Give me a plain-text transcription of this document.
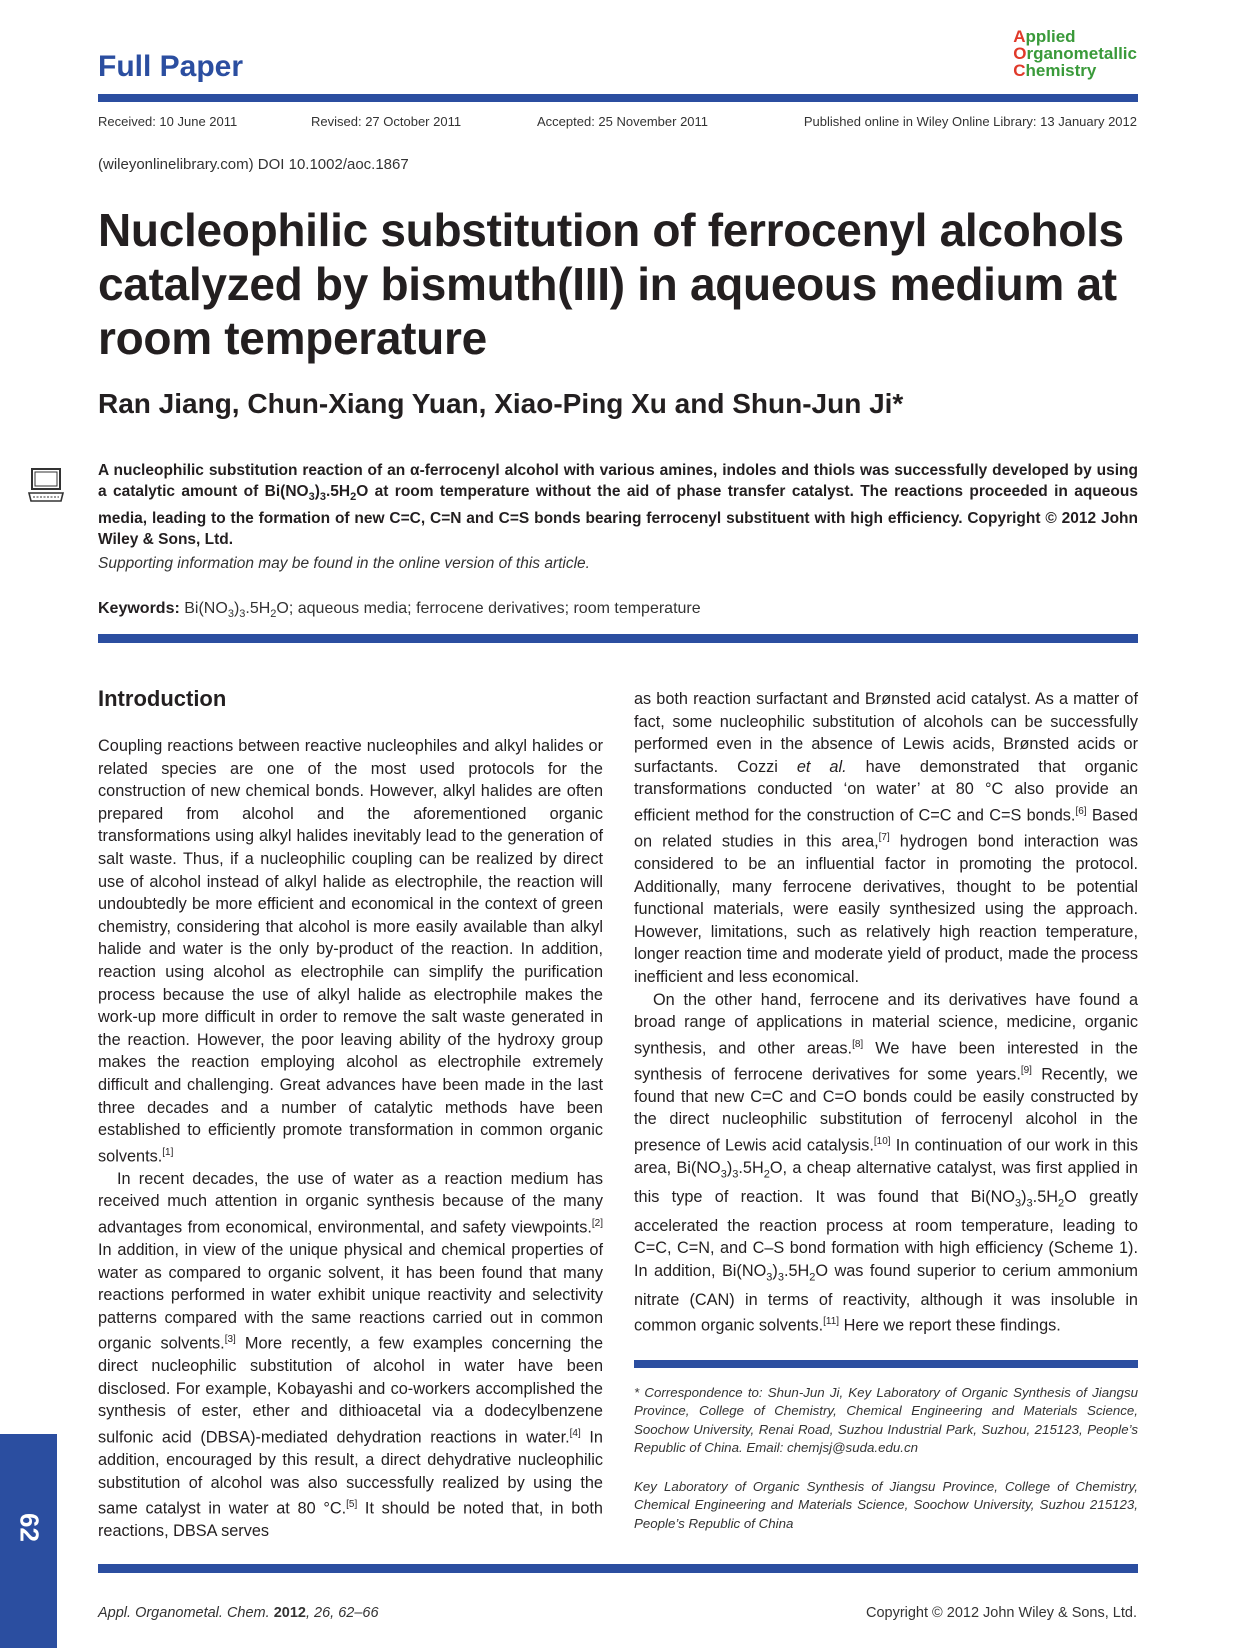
Full Paper
Applied
Organometallic
Chemistry
Received: 10 June 2011	Revised: 27 October 2011	Accepted: 25 November 2011	Published online in Wiley Online Library: 13 January 2012
(wileyonlinelibrary.com) DOI 10.1002/aoc.1867
Nucleophilic substitution of ferrocenyl alcohols catalyzed by bismuth(III) in aqueous medium at room temperature
Ran Jiang, Chun-Xiang Yuan, Xiao-Ping Xu and Shun-Jun Ji*
A nucleophilic substitution reaction of an α-ferrocenyl alcohol with various amines, indoles and thiols was successfully developed by using a catalytic amount of $Bi(NO_3)_3.5H_2O$ at room temperature without the aid of phase transfer catalyst. The reactions proceeded in aqueous media, leading to the formation of new C=C, C=N and C=S bonds bearing ferrocenyl substituent with high efficiency. Copyright © 2012 John Wiley & Sons, Ltd.
Supporting information may be found in the online version of this article.
Keywords: $Bi(NO_3)_3.5H_2O$; aqueous media; ferrocene derivatives; room temperature
Introduction

Coupling reactions between reactive nucleophiles and alkyl halides or related species are one of the most used protocols for the construction of new chemical bonds. However, alkyl halides are often prepared from alcohol and the aforementioned organic transformations using alkyl halides inevitably lead to the generation of salt waste. Thus, if a nucleophilic coupling can be realized by direct use of alcohol instead of alkyl halide as electrophile, the reaction will undoubtedly be more efficient and economical in the context of green chemistry, considering that alcohol is more easily available than alkyl halide and water is the only by-product of the reaction. In addition, reaction using alcohol as electrophile can simplify the purification process because the use of alkyl halide as electrophile makes the work-up more difficult in order to remove the salt waste generated in the reaction. However, the poor leaving ability of the hydroxy group makes the reaction employing alcohol as electrophile extremely difficult and challenging. Great advances have been made in the last three decades and a number of catalytic methods have been established to efficiently promote transformation in common organic solvents.[1]

In recent decades, the use of water as a reaction medium has received much attention in organic synthesis because of the many advantages from economical, environmental, and safety viewpoints.[2] In addition, in view of the unique physical and chemical properties of water as compared to organic solvent, it has been found that many reactions performed in water exhibit unique reactivity and selectivity patterns compared with the same reactions carried out in common organic solvents.[3] More recently, a few examples concerning the direct nucleophilic substitution of alcohol in water have been disclosed. For example, Kobayashi and co-workers accomplished the synthesis of ester, ether and dithioacetal via a dodecylbenzene sulfonic acid (DBSA)-mediated dehydration reactions in water.[4] In addition, encouraged by this result, a direct dehydrative nucleophilic substitution of alcohol was also successfully realized by using the same catalyst in water at 80 °C.[5] It should be noted that, in both reactions, DBSA serves

as both reaction surfactant and Brønsted acid catalyst. As a matter of fact, some nucleophilic substitution of alcohols can be successfully performed even in the absence of Lewis acids, Brønsted acids or surfactants. Cozzi et al. have demonstrated that organic transformations conducted ‘on water’ at 80 °C also provide an efficient method for the construction of C=C and C=S bonds.[6] Based on related studies in this area,[7] hydrogen bond interaction was considered to be an influential factor in promoting the protocol. Additionally, many ferrocene derivatives, thought to be potential functional materials, were easily synthesized using the approach. However, limitations, such as relatively high reaction temperature, longer reaction time and moderate yield of product, made the process inefficient and less economical.

On the other hand, ferrocene and its derivatives have found a broad range of applications in material science, medicine, organic synthesis, and other areas.[8] We have been interested in the synthesis of ferrocene derivatives for some years.[9] Recently, we found that new C=C and C=O bonds could be easily constructed by the direct nucleophilic substitution of ferrocenyl alcohol in the presence of Lewis acid catalysis.[10] In continuation of our work in this area, $Bi(NO_3)_3.5H_2O$, a cheap alternative catalyst, was first applied in this type of reaction. It was found that $Bi(NO_3)_3.5H_2O$ greatly accelerated the reaction process at room temperature, leading to C=C, C=N, and C–S bond formation with high efficiency (Scheme 1). In addition, $Bi(NO_3)_3.5H_2O$ was found superior to cerium ammonium nitrate (CAN) in terms of reactivity, although it was insoluble in common organic solvents.[11] Here we report these findings.

* Correspondence to: Shun-Jun Ji, Key Laboratory of Organic Synthesis of Jiangsu Province, College of Chemistry, Chemical Engineering and Materials Science, Soochow University, Renai Road, Suzhou Industrial Park, Suzhou, 215123, People’s Republic of China. Email: chemjsj@suda.edu.cn
Key Laboratory of Organic Synthesis of Jiangsu Province, College of Chemistry, Chemical Engineering and Materials Science, Soochow University, Suzhou 215123, People’s Republic of China
Appl. Organometal. Chem. 2012, 26, 62–66	Copyright © 2012 John Wiley & Sons, Ltd.
62
